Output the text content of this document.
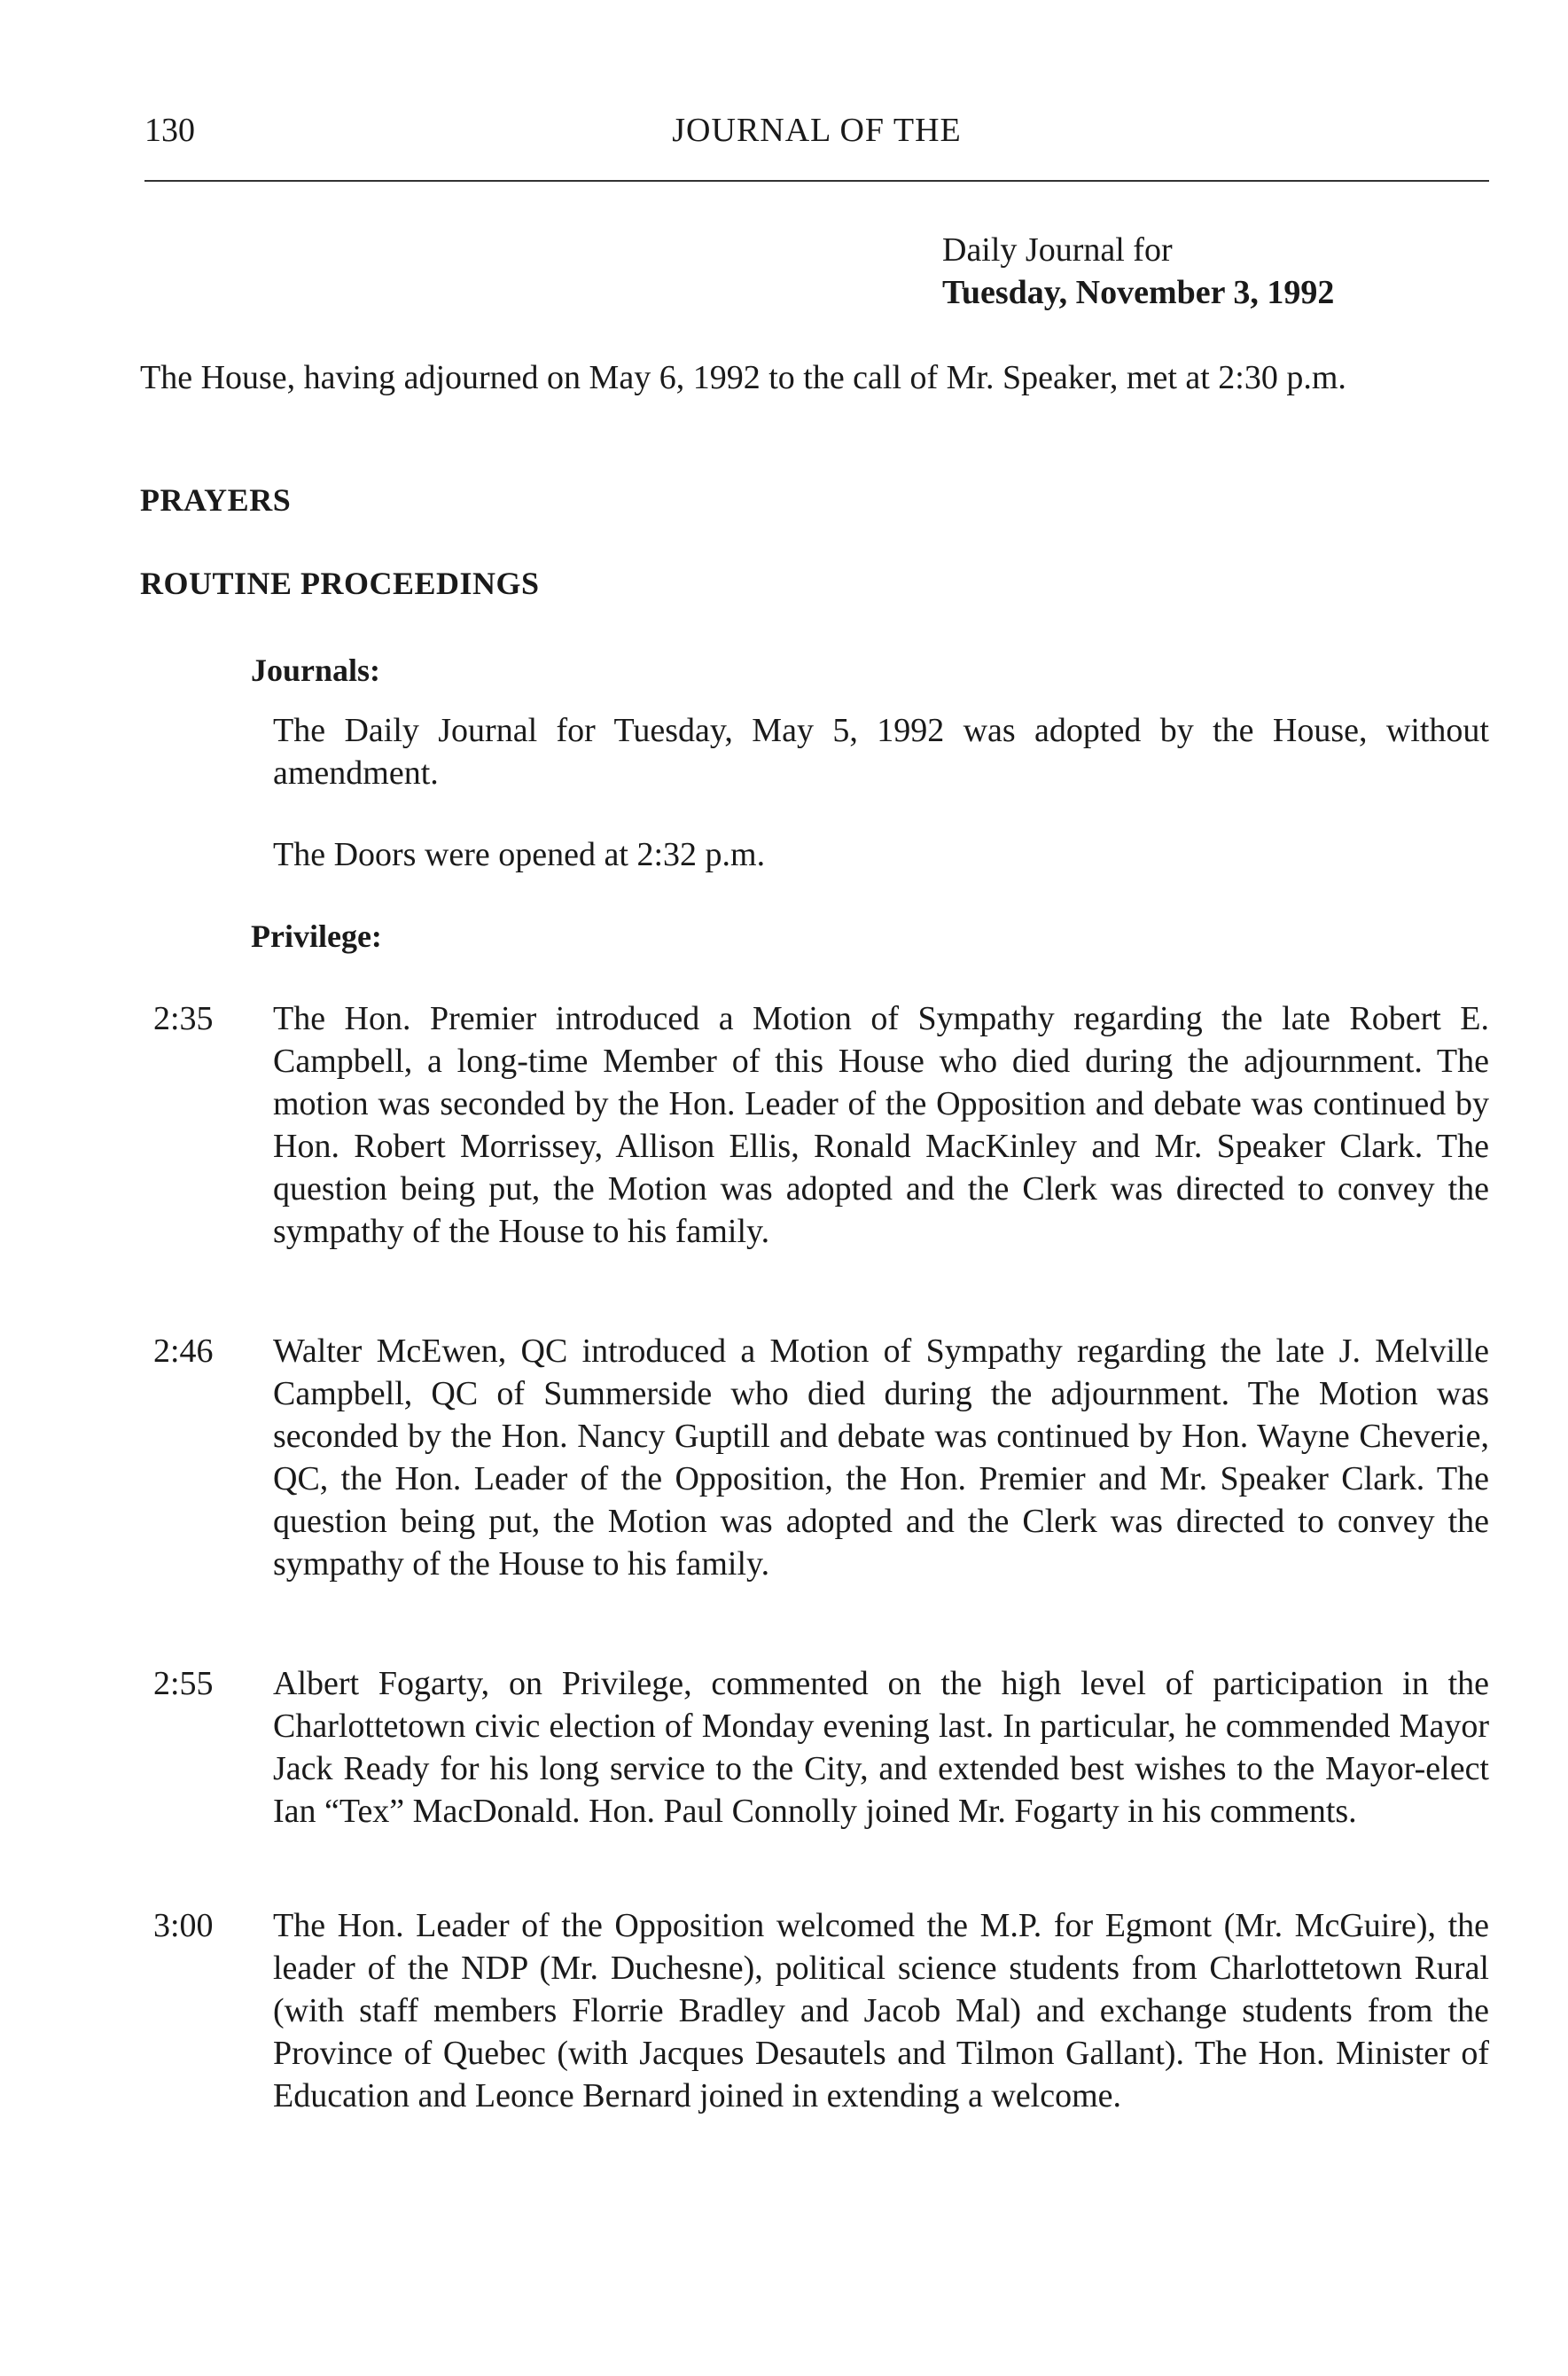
130	JOURNAL OF THE
Daily Journal for
Tuesday, November 3, 1992
The House, having adjourned on May 6, 1992 to the call of Mr. Speaker, met at 2:30 p.m.
PRAYERS
ROUTINE PROCEEDINGS
Journals:
The Daily Journal for Tuesday, May 5, 1992 was adopted by the House, without amendment.
The Doors were opened at 2:32 p.m.
Privilege:
2:35	The Hon. Premier introduced a Motion of Sympathy regarding the late Robert E. Campbell, a long-time Member of this House who died during the adjournment. The motion was seconded by the Hon. Leader of the Opposition and debate was continued by Hon. Robert Morrissey, Allison Ellis, Ronald MacKinley and Mr. Speaker Clark. The question being put, the Motion was adopted and the Clerk was directed to convey the sympathy of the House to his family.
2:46	Walter McEwen, QC introduced a Motion of Sympathy regarding the late J. Melville Campbell, QC of Summerside who died during the adjournment. The Motion was seconded by the Hon. Nancy Guptill and debate was continued by Hon. Wayne Cheverie, QC, the Hon. Leader of the Opposition, the Hon. Premier and Mr. Speaker Clark. The question being put, the Motion was adopted and the Clerk was directed to convey the sympathy of the House to his family.
2:55	Albert Fogarty, on Privilege, commented on the high level of participation in the Charlottetown civic election of Monday evening last. In particular, he commended Mayor Jack Ready for his long service to the City, and extended best wishes to the Mayor-elect Ian “Tex” MacDonald. Hon. Paul Connolly joined Mr. Fogarty in his comments.
3:00	The Hon. Leader of the Opposition welcomed the M.P. for Egmont (Mr. McGuire), the leader of the NDP (Mr. Duchesne), political science students from Charlottetown Rural (with staff members Florrie Bradley and Jacob Mal) and exchange students from the Province of Quebec (with Jacques Desautels and Tilmon Gallant). The Hon. Minister of Education and Leonce Bernard joined in extending a welcome.
